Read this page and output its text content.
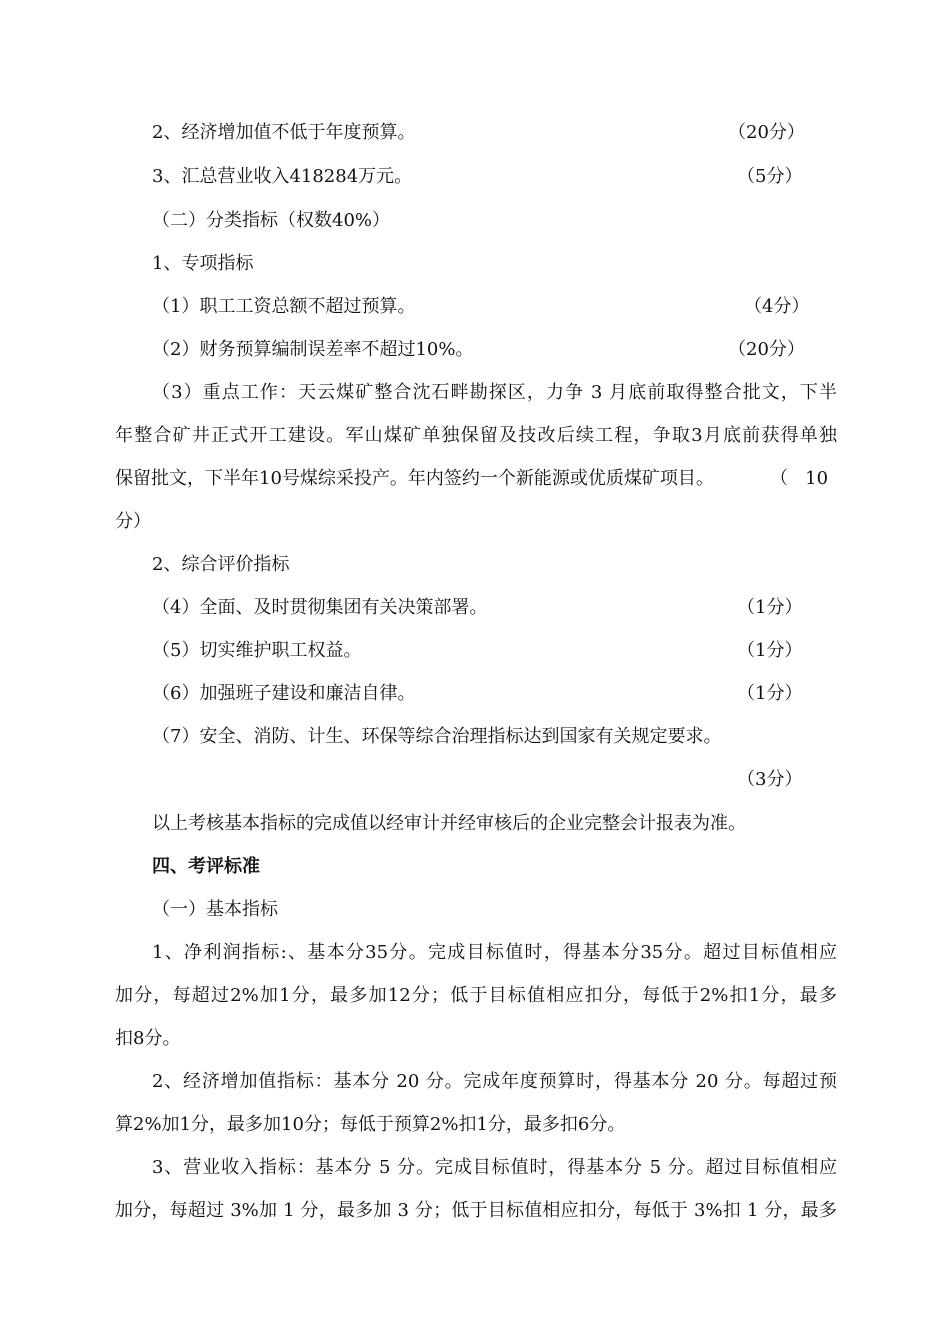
2、经济增加值不低于年度预算。	（20分）
3、汇总营业收入418284万元。	（5分）
（二）分类指标（权数40%）
1、专项指标
（1）职工工资总额不超过预算。	（4分）
（2）财务预算编制误差率不超过10%。	（20分）
（3）重点工作：天云煤矿整合沈石畔勘探区，力争 3 月底前取得整合批文，下半
年整合矿井正式开工建设。军山煤矿单独保留及技改后续工程，争取3月底前获得单独
保留批文，下半年10号煤综采投产。年内签约一个新能源或优质煤矿项目。	（   10
分）
2、综合评价指标
（4）全面、及时贯彻集团有关决策部署。	（1分）
（5）切实维护职工权益。	（1分）
（6）加强班子建设和廉洁自律。	（1分）
（7）安全、消防、计生、环保等综合治理指标达到国家有关规定要求。
（3分）
以上考核基本指标的完成值以经审计并经审核后的企业完整会计报表为准。
四、考评标准
（一）基本指标
1、净利润指标:、基本分35分。完成目标值时，得基本分35分。超过目标值相应
加分，每超过2%加1分，最多加12分；低于目标值相应扣分，每低于2%扣1分，最多
扣8分。
2、经济增加值指标：基本分 20 分。完成年度预算时，得基本分 20 分。每超过预
算2%加1分，最多加10分；每低于预算2%扣1分，最多扣6分。
3、营业收入指标：基本分 5 分。完成目标值时，得基本分 5 分。超过目标值相应
加分，每超过 3%加 1 分，最多加 3 分；低于目标值相应扣分，每低于 3%扣 1 分，最多
